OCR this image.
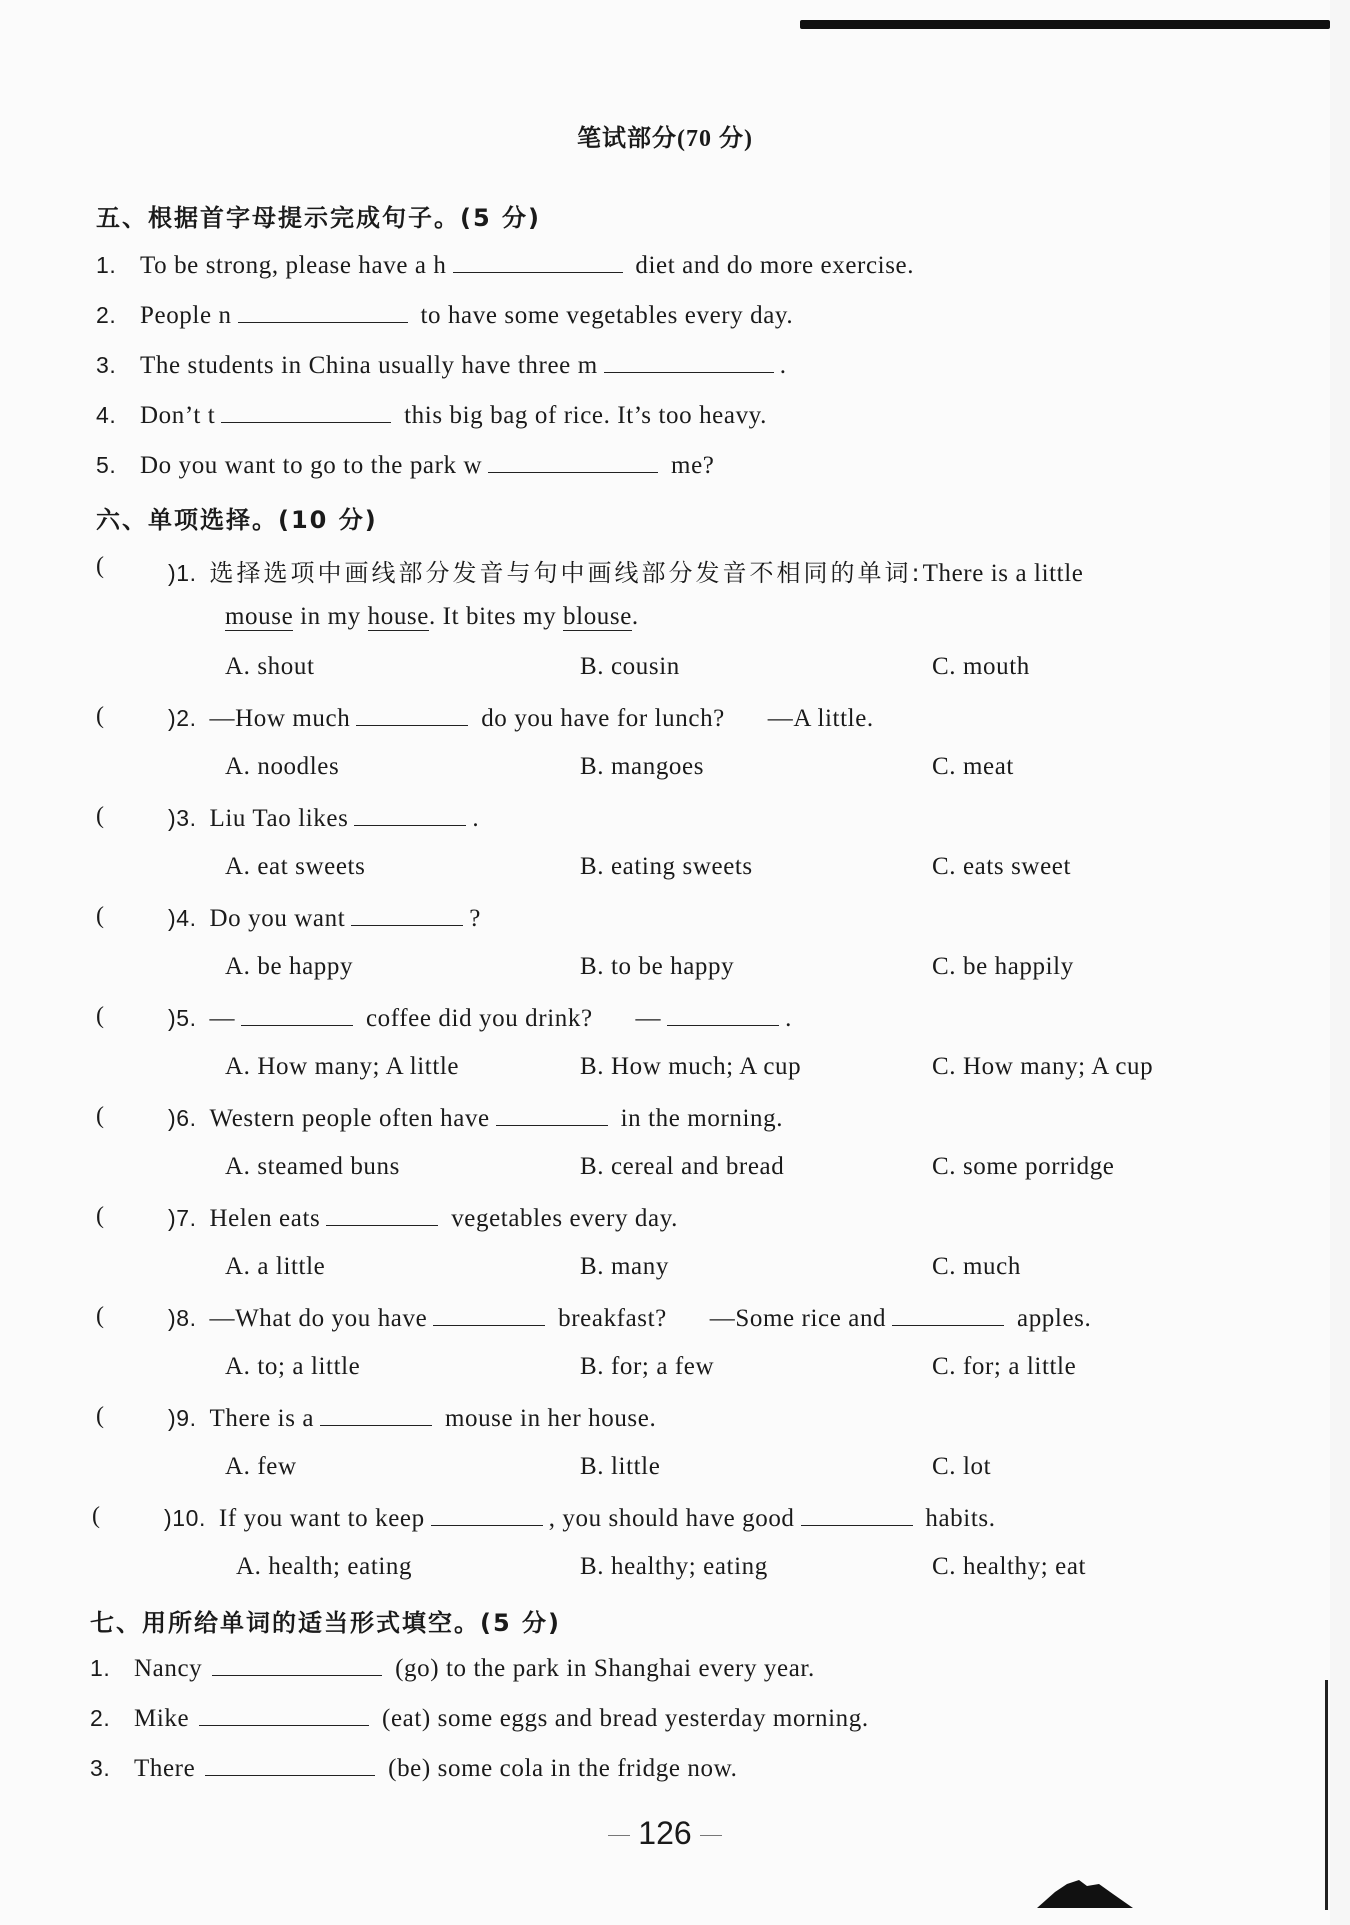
笔试部分(70 分)
五、根据首字母提示完成句子。(5 分)
1. To be strong, please have a h	diet and do more exercise.
2. People n	to have some vegetables every day.
3. The students in China usually have three m	.
4. Don’t t	this big bag of rice. It’s too heavy.
5. Do you want to go to the park w	me?
六、单项选择。(10 分)
(	)1. 选择选项中画线部分发音与句中画线部分发音不相同的单词:There is a little
mouse in my house. It bites my blouse.
A. shout	B. cousin	C. mouth
(	)2. —How much	do you have for lunch? —A little.
A. noodles	B. mangoes	C. meat
(	)3. Liu Tao likes	.
A. eat sweets	B. eating sweets	C. eats sweet
(	)4. Do you want	?
A. be happy	B. to be happy	C. be happily
(	)5. —	coffee did you drink? —	.
A. How many; A little	B. How much; A cup	C. How many; A cup
(	)6. Western people often have	in the morning.
A. steamed buns	B. cereal and bread	C. some porridge
(	)7. Helen eats	vegetables every day.
A. a little	B. many	C. much
(	)8. —What do you have	breakfast? —Some rice and	apples.
A. to; a little	B. for; a few	C. for; a little
(	)9. There is a	mouse in her house.
A. few	B. little	C. lot
(	)10. If you want to keep	, you should have good	habits.
A. health; eating	B. healthy; eating	C. healthy; eat
七、用所给单词的适当形式填空。(5 分)
1. Nancy	(go) to the park in Shanghai every year.
2. Mike	(eat) some eggs and bread yesterday morning.
3. There	(be) some cola in the fridge now.
126
